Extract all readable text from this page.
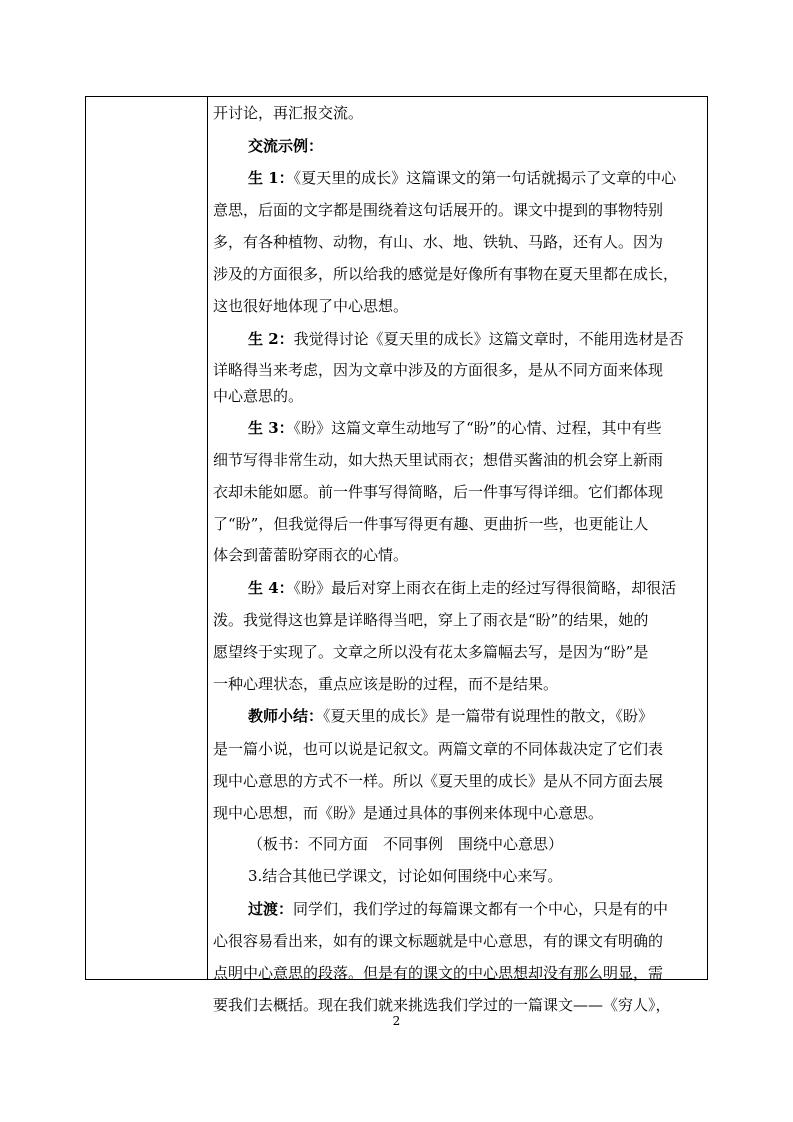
开讨论，再汇报交流。
交流示例：
生 1：《夏天里的成长》这篇课文的第一句话就揭示了文章的中心
意思，后面的文字都是围绕着这句话展开的。课文中提到的事物特别
多，有各种植物、动物，有山、水、地、铁轨、马路，还有人。因为
涉及的方面很多，所以给我的感觉是好像所有事物在夏天里都在成长，
这也很好地体现了中心思想。
生 2：我觉得讨论《夏天里的成长》这篇文章时，不能用选材是否
详略得当来考虑，因为文章中涉及的方面很多，是从不同方面来体现
中心意思的。
生 3：《盼》这篇文章生动地写了“盼”的心情、过程，其中有些
细节写得非常生动，如大热天里试雨衣；想借买酱油的机会穿上新雨
衣却未能如愿。前一件事写得简略，后一件事写得详细。它们都体现
了“盼”，但我觉得后一件事写得更有趣、更曲折一些，也更能让人
体会到蕾蕾盼穿雨衣的心情。
生 4：《盼》最后对穿上雨衣在街上走的经过写得很简略，却很活
泼。我觉得这也算是详略得当吧，穿上了雨衣是“盼”的结果，她的
愿望终于实现了。文章之所以没有花太多篇幅去写，是因为“盼”是
一种心理状态，重点应该是盼的过程，而不是结果。
教师小结：《夏天里的成长》是一篇带有说理性的散文，《盼》
是一篇小说，也可以说是记叙文。两篇文章的不同体裁决定了它们表
现中心意思的方式不一样。所以《夏天里的成长》是从不同方面去展
现中心思想，而《盼》是通过具体的事例来体现中心意思。
（板书：不同方面　不同事例　围绕中心意思）
3.结合其他已学课文，讨论如何围绕中心来写。
过渡：同学们，我们学过的每篇课文都有一个中心，只是有的中
心很容易看出来，如有的课文标题就是中心意思，有的课文有明确的
点明中心意思的段落。但是有的课文的中心思想却没有那么明显，需
要我们去概括。现在我们就来挑选我们学过的一篇课文——《穷人》，
2
